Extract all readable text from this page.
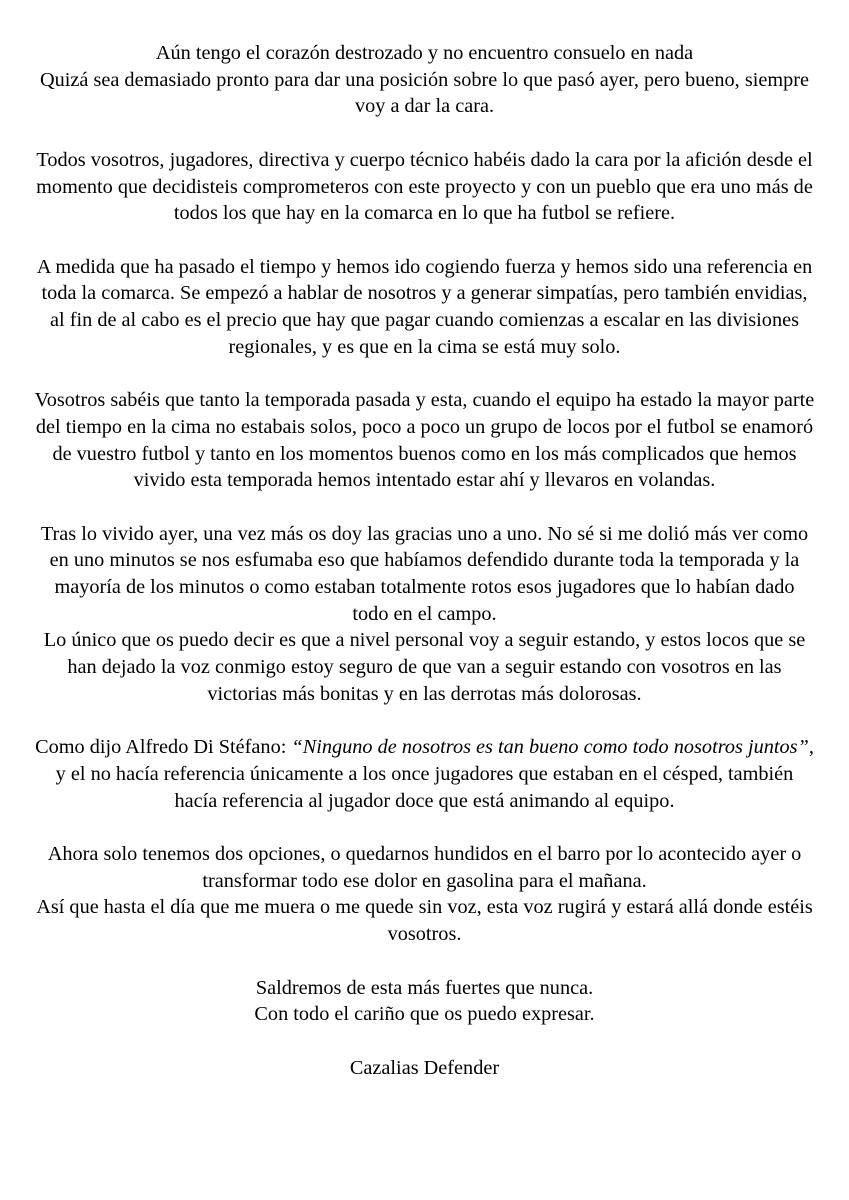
Aún tengo el corazón destrozado y no encuentro consuelo en nada
Quizá sea demasiado pronto para dar una posición sobre lo que pasó ayer, pero bueno, siempre voy a dar la cara.

Todos vosotros, jugadores, directiva y cuerpo técnico habéis dado la cara por la afición desde el momento que decidisteis comprometeros con este proyecto y con un pueblo que era uno más de todos los que hay en la comarca en lo que ha futbol se refiere.

A medida que ha pasado el tiempo y hemos ido cogiendo fuerza y hemos sido una referencia en toda la comarca. Se empezó a hablar de nosotros y a generar simpatías, pero también envidias, al fin de al cabo es el precio que hay que pagar cuando comienzas a escalar en las divisiones regionales, y es que en la cima se está muy solo.

Vosotros sabéis que tanto la temporada pasada y esta, cuando el equipo ha estado la mayor parte del tiempo en la cima no estabais solos, poco a poco un grupo de locos por el futbol se enamoró de vuestro futbol y tanto en los momentos buenos como en los más complicados que hemos vivido esta temporada hemos intentado estar ahí y llevaros en volandas.

Tras lo vivido ayer, una vez más os doy las gracias uno a uno. No sé si me dolió más ver como en uno minutos se nos esfumaba eso que habíamos defendido durante toda la temporada y la mayoría de los minutos o como estaban totalmente rotos esos jugadores que lo habían dado todo en el campo.
Lo único que os puedo decir es que a nivel personal voy a seguir estando, y estos locos que se han dejado la voz conmigo estoy seguro de que van a seguir estando con vosotros en las victorias más bonitas y en las derrotas más dolorosas.

Como dijo Alfredo Di Stéfano: “Ninguno de nosotros es tan bueno como todo nosotros juntos”, y el no hacía referencia únicamente a los once jugadores que estaban en el césped, también hacía referencia al jugador doce que está animando al equipo.

Ahora solo tenemos dos opciones, o quedarnos hundidos en el barro por lo acontecido ayer o transformar todo ese dolor en gasolina para el mañana.
Así que hasta el día que me muera o me quede sin voz, esta voz rugirá y estará allá donde estéis vosotros.

Saldremos de esta más fuertes que nunca.
Con todo el cariño que os puedo expresar.

Cazalias Defender
